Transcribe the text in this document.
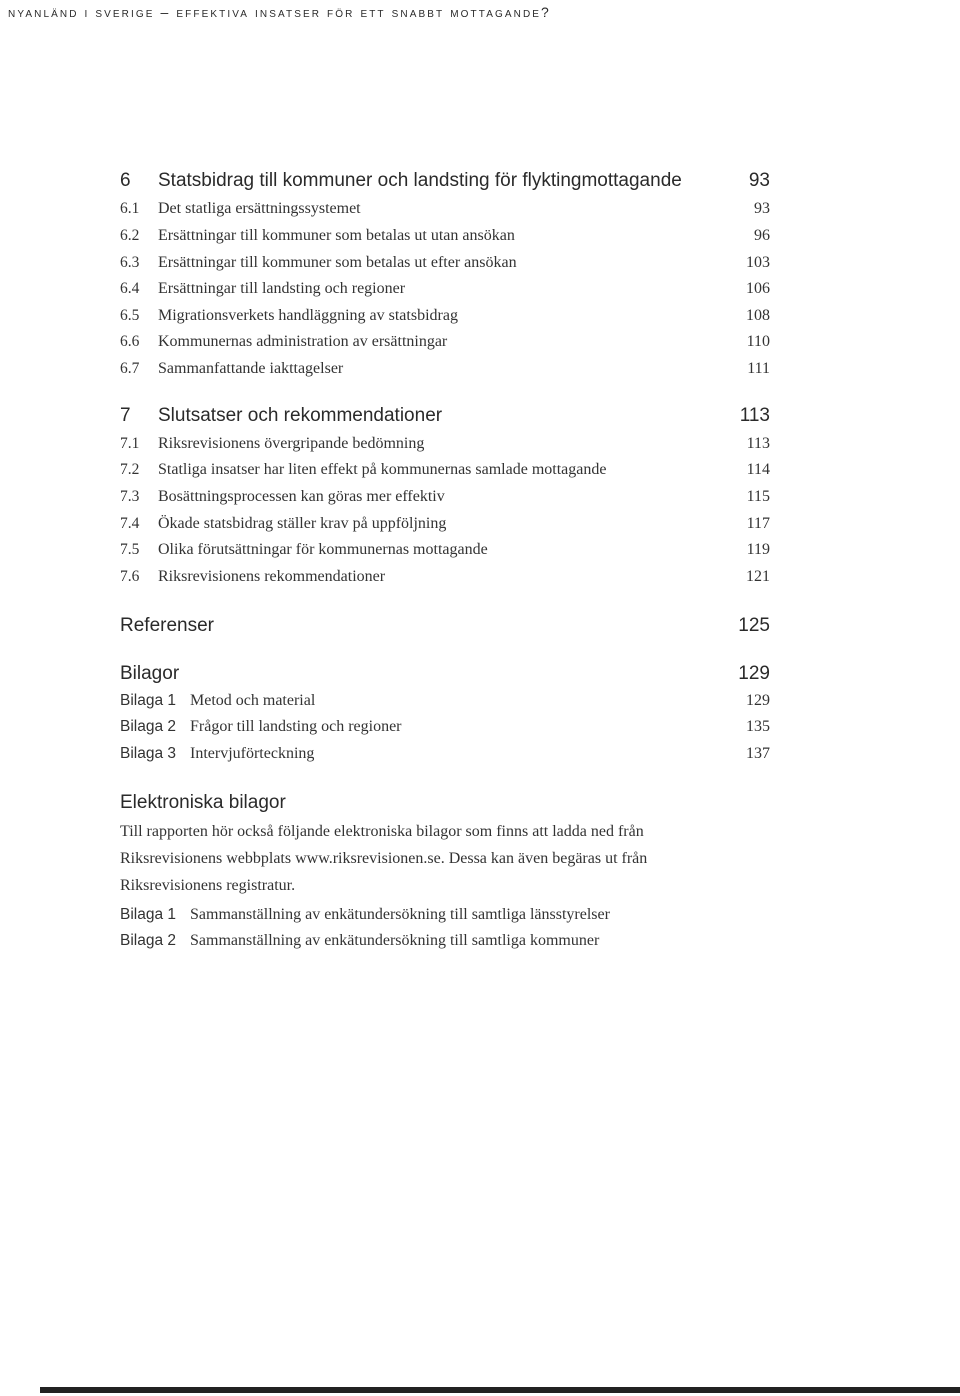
nyanländ i sverige – effektiva insatser för ett snabbt mottagande?
6 Statsbidrag till kommuner och landsting för flyktingmottagande	93
6.1 Det statliga ersättningssystemet	93
6.2 Ersättningar till kommuner som betalas ut utan ansökan	96
6.3 Ersättningar till kommuner som betalas ut efter ansökan	103
6.4 Ersättningar till landsting och regioner	106
6.5 Migrationsverkets handläggning av statsbidrag	108
6.6 Kommunernas administration av ersättningar	110
6.7 Sammanfattande iakttagelser	111
7 Slutsatser och rekommendationer	113
7.1 Riksrevisionens övergripande bedömning	113
7.2 Statliga insatser har liten effekt på kommunernas samlade mottagande	114
7.3 Bosättningsprocessen kan göras mer effektiv	115
7.4 Ökade statsbidrag ställer krav på uppföljning	117
7.5 Olika förutsättningar för kommunernas mottagande	119
7.6 Riksrevisionens rekommendationer	121
Referenser	125
Bilagor	129
Bilaga 1 Metod och material	129
Bilaga 2 Frågor till landsting och regioner	135
Bilaga 3 Intervjuförteckning	137
Bilaga 1 Sammanställning av enkätundersökning till samtliga länsstyrelser
Bilaga 2 Sammanställning av enkätundersökning till samtliga kommuner
Elektroniska bilagor
Till rapporten hör också följande elektroniska bilagor som finns att ladda ned från
Riksrevisionens webbplats www.riksrevisionen.se. Dessa kan även begäras ut från
Riksrevisionens registratur.
